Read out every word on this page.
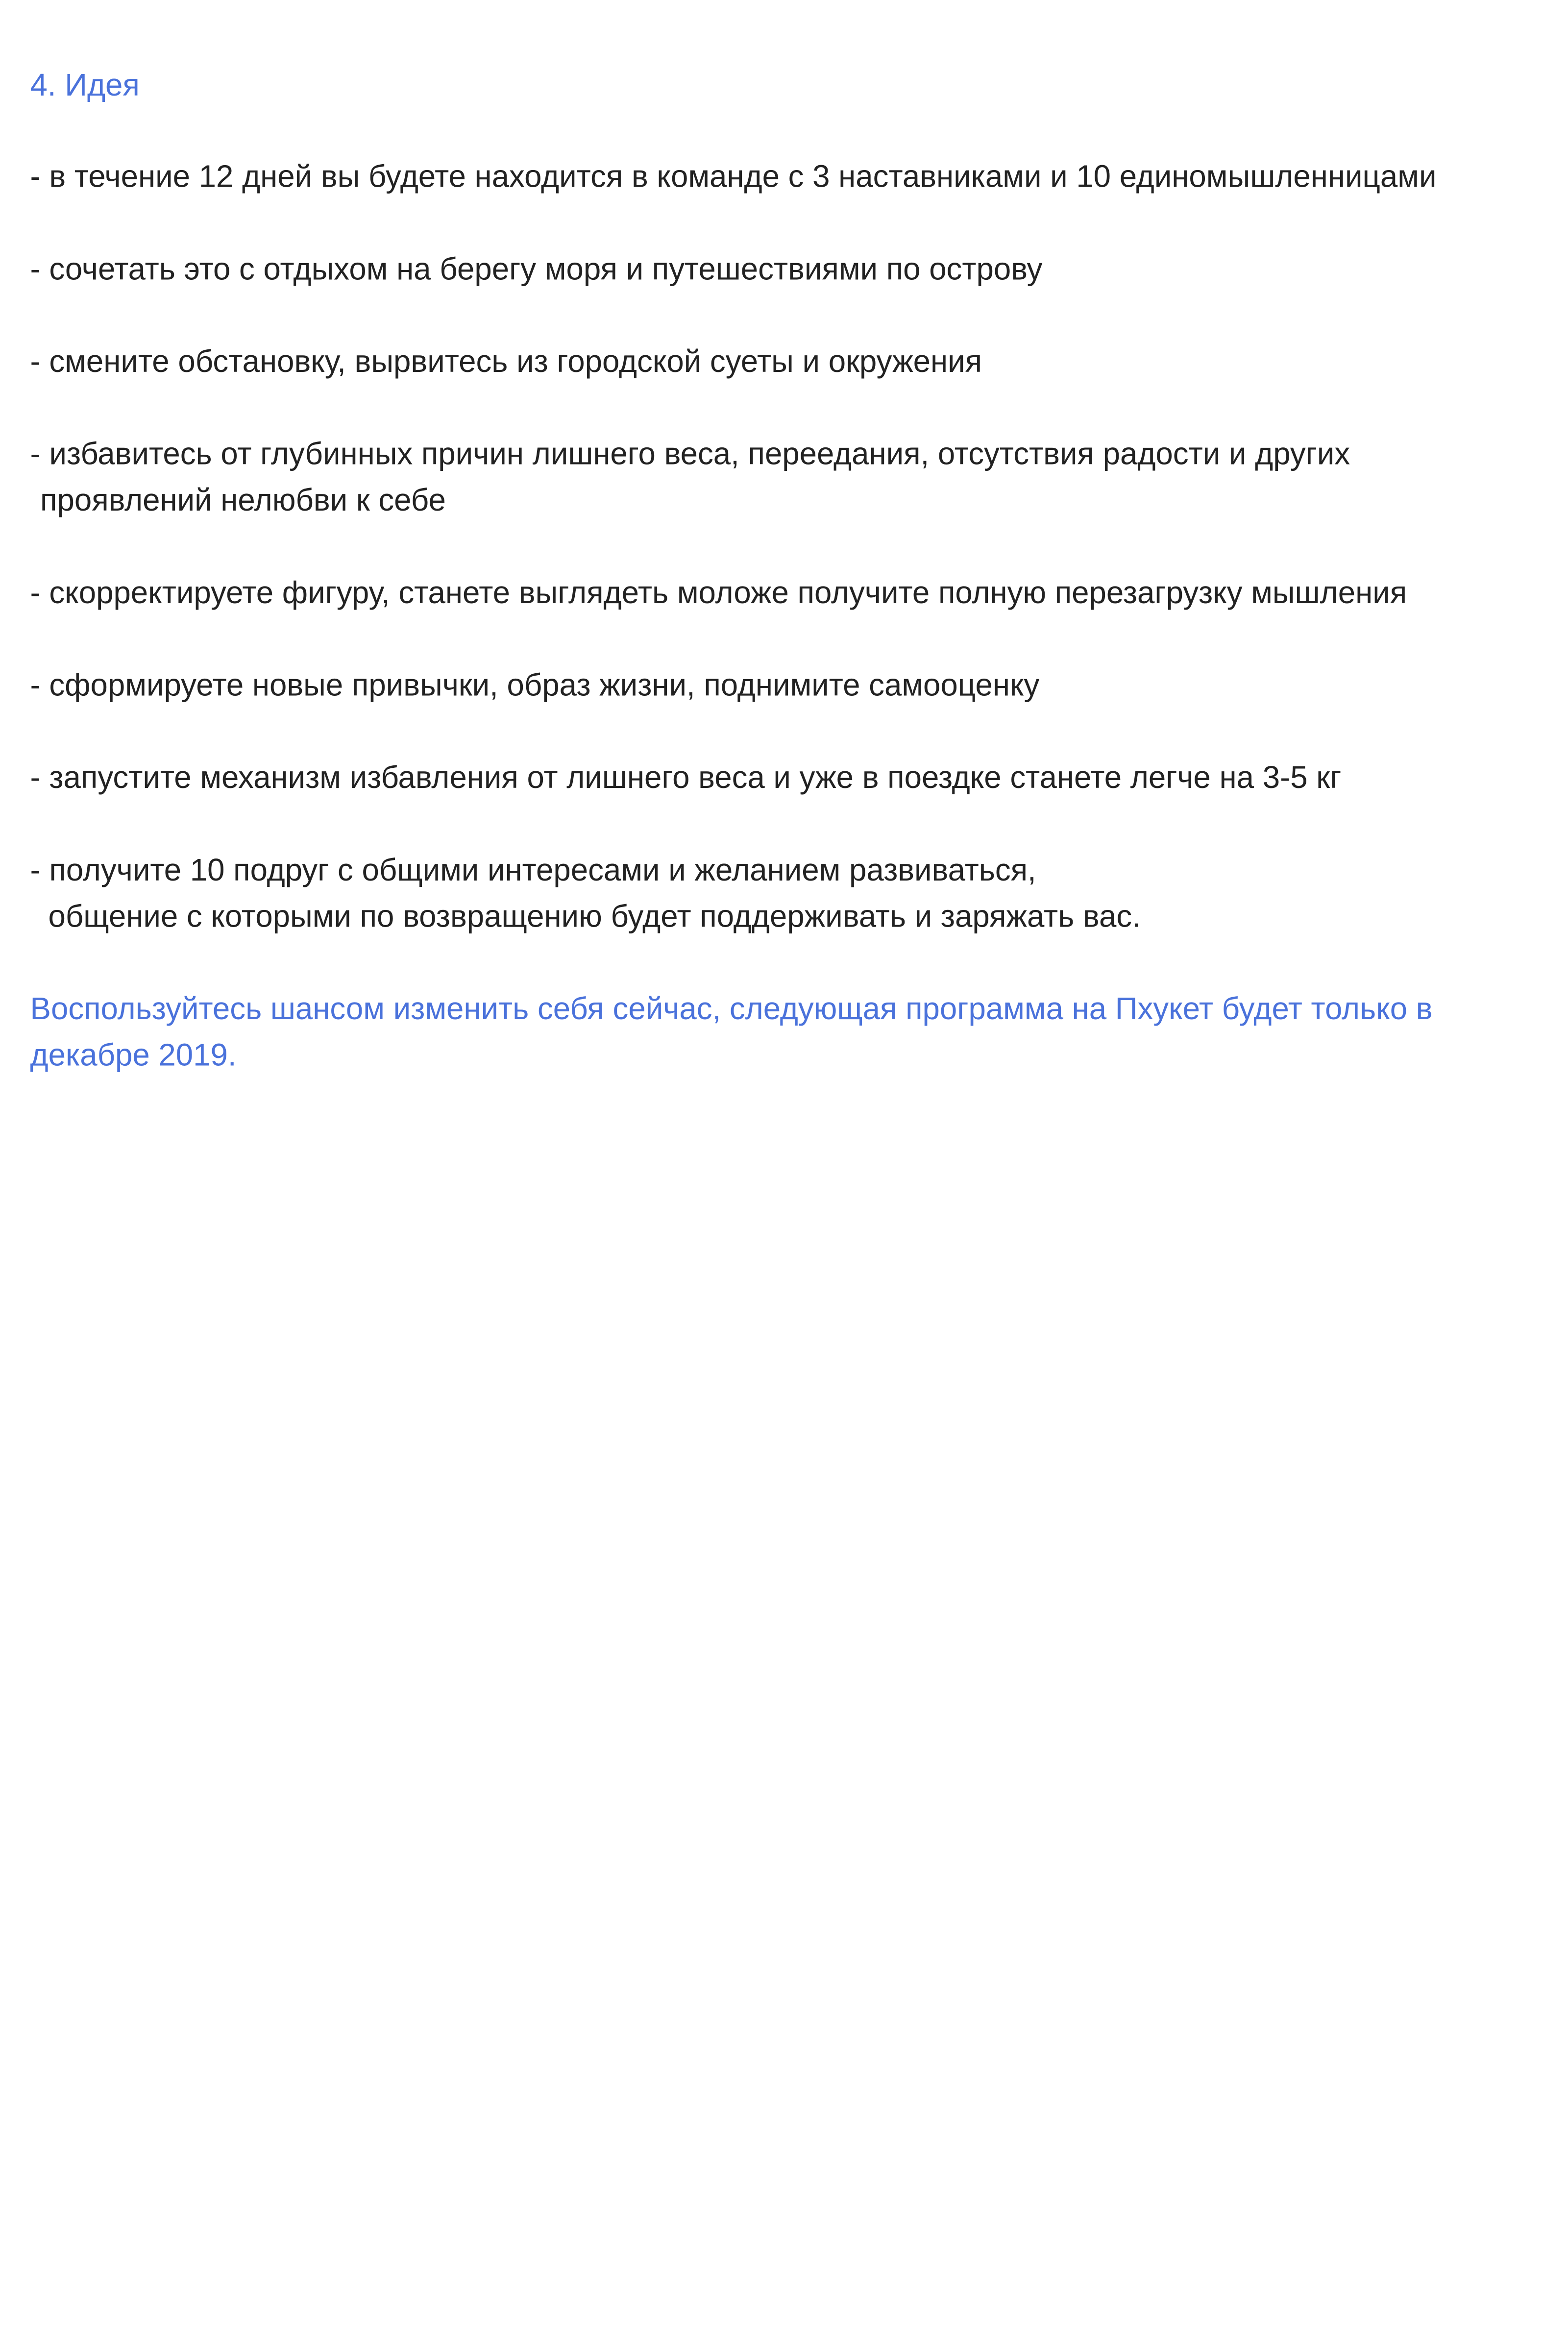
4. Идея
- в течение 12 дней вы будете находится в команде с 3 наставниками и 10 единомышленницами
- сочетать это с отдыхом на берегу моря и путешествиями по острову
- смените обстановку, вырвитесь из городской суеты и окружения
- избавитесь от глубинных причин лишнего веса, переедания, отсутствия радости и других
проявлений нелюбви к себе
- скорректируете фигуру, станете выглядеть моложе получите полную перезагрузку мышления
- сформируете новые привычки, образ жизни, поднимите самооценку
- запустите механизм избавления от лишнего веса и уже в поездке станете легче на 3-5 кг
- получите 10 подруг с общими интересами и желанием развиваться,
общение с которыми по возвращению будет поддерживать и заряжать вас.
Воспользуйтесь шансом изменить себя сейчас, следующая программа на Пхукет будет только в
декабре 2019.
